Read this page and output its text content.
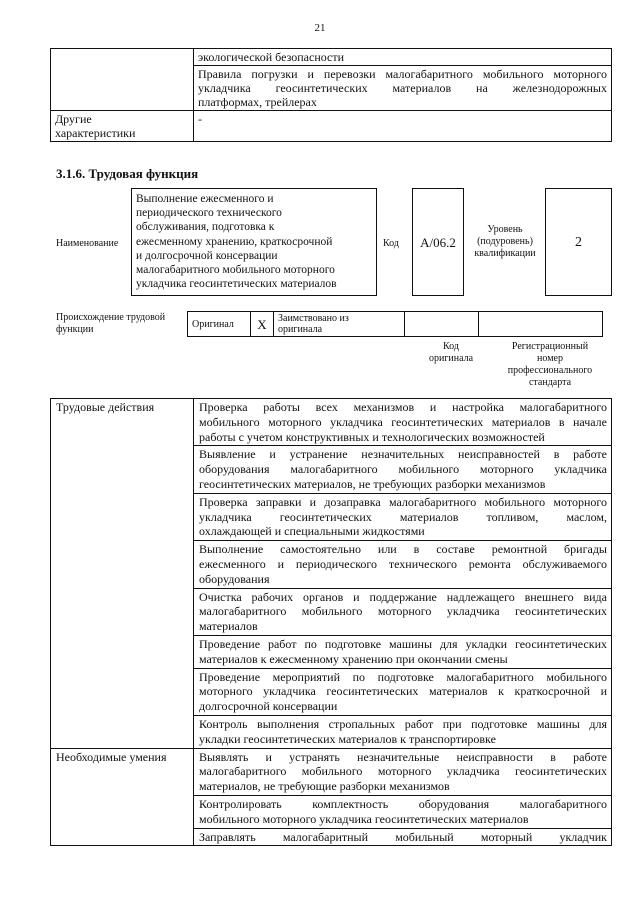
21
	экологической безопасности

	Правила погрузки и перевозки малогабаритного мобильного моторного
укладчика геосинтетических материалов на железнодорожных
платформах, трейлерах

Другие
характеристики	-
3.1.6. Трудовая функция
Наименование
Выполнение ежесменного и
периодического технического
обслуживания, подготовка к
ежесменному хранению, краткосрочной
и долгосрочной консервации
малогабаритного мобильного моторного
укладчика геосинтетических материалов
Код	A/06.2
Уровень
(подуровень)
квалификации
2
Происхождение трудовой
функции	Оригинал	X	Заимствовано из
оригинала

Код
оригинала
Регистрационный
номер
профессионального
стандарта
Трудовые действия	Проверка работы всех механизмов и настройка малогабаритного
мобильного моторного укладчика геосинтетических материалов в начале
работы с учетом конструктивных и технологических возможностей

	Выявление и устранение незначительных неисправностей в работе
оборудования малогабаритного мобильного моторного укладчика
геосинтетических материалов, не требующих разборки механизмов

	Проверка заправки и дозаправка малогабаритного мобильного моторного
укладчика геосинтетических материалов топливом, маслом,
охлаждающей и специальными жидкостями

	Выполнение самостоятельно или в составе ремонтной бригады
ежесменного и периодического технического ремонта обслуживаемого
оборудования

	Очистка рабочих органов и поддержание надлежащего внешнего вида
малогабаритного мобильного моторного укладчика геосинтетических
материалов

	Проведение работ по подготовке машины для укладки геосинтетических
материалов к ежесменному хранению при окончании смены

	Проведение мероприятий по подготовке малогабаритного мобильного
моторного укладчика геосинтетических материалов к краткосрочной и
долгосрочной консервации

	Контроль выполнения стропальных работ при подготовке машины для
укладки геосинтетических материалов к транспортировке

Необходимые умения	Выявлять и устранять незначительные неисправности в работе
малогабаритного мобильного моторного укладчика геосинтетических
материалов, не требующие разборки механизмов

	Контролировать комплектность оборудования малогабаритного
мобильного моторного укладчика геосинтетических материалов

	Заправлять малогабаритный мобильный моторный укладчик
